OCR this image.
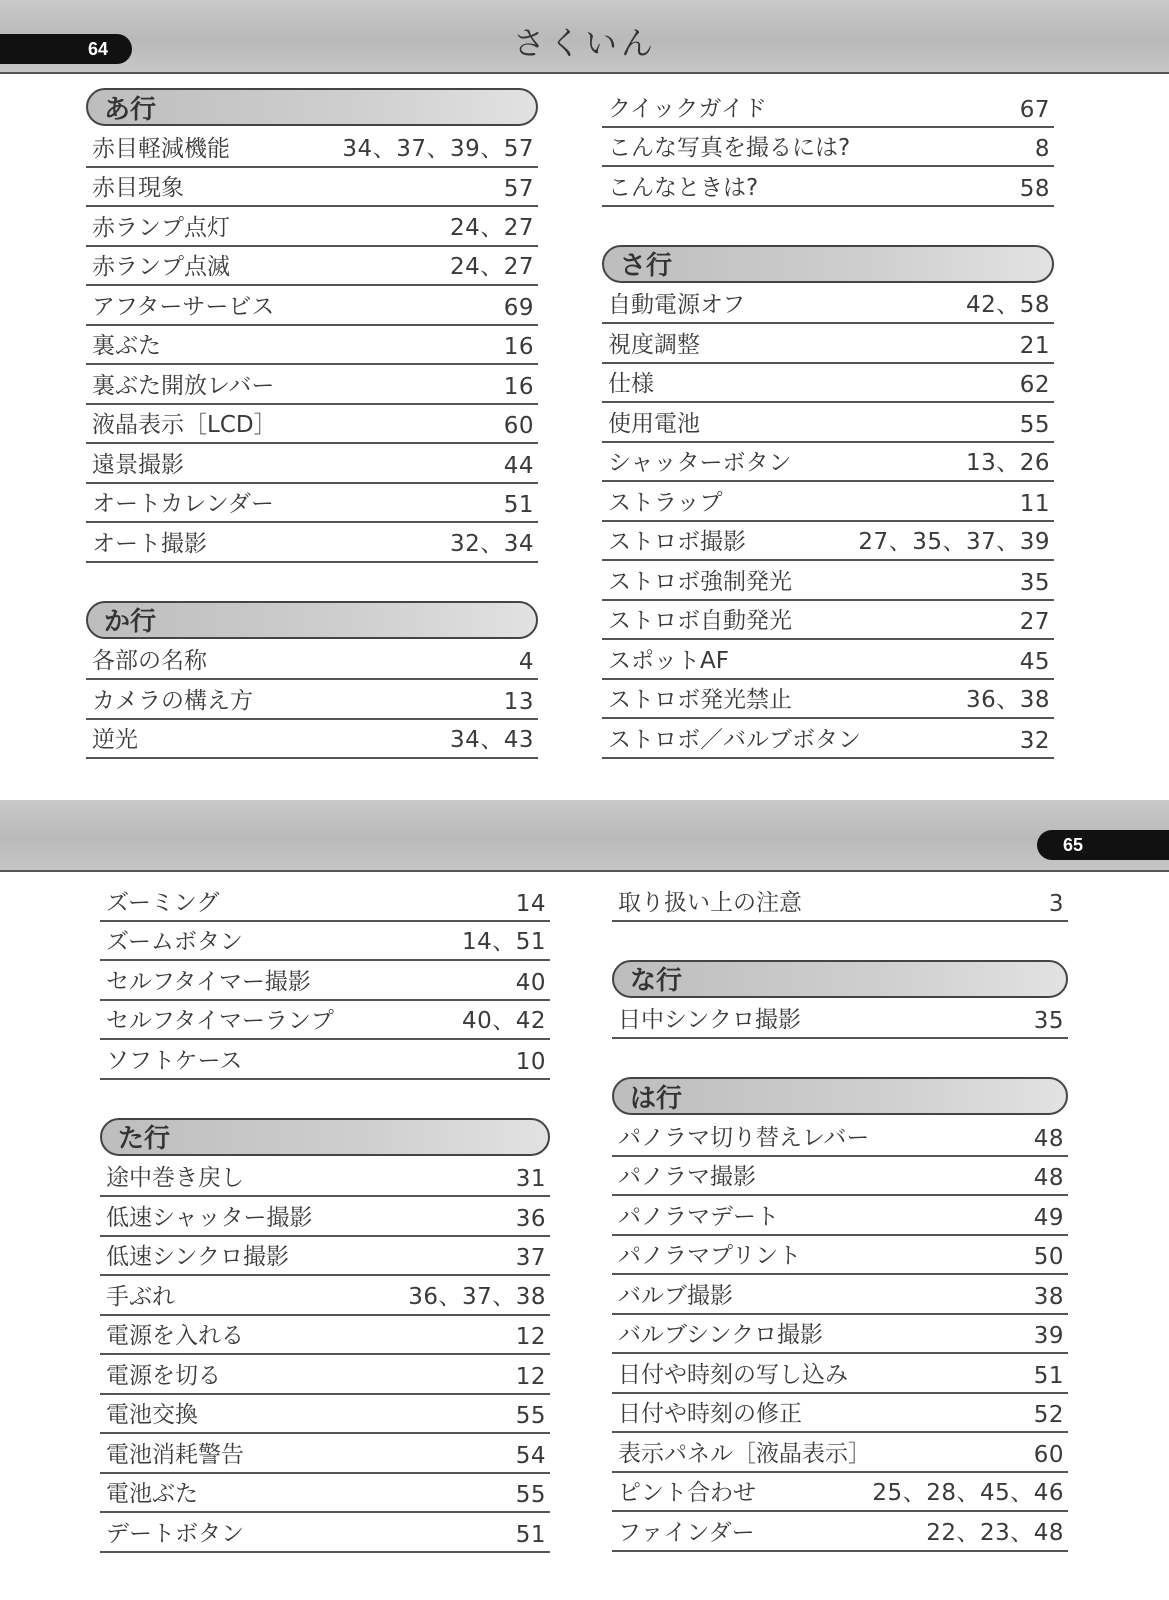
64	さくいん
あ行
赤目軽減機能	34、37、39、57
赤目現象	57
赤ランプ点灯	24、27
赤ランプ点滅	24、27
アフターサービス	69
裏ぶた	16
裏ぶた開放レバー	16
液晶表示［LCD］	60
遠景撮影	44
オートカレンダー	51
オート撮影	32、34
か行
各部の名称	4
カメラの構え方	13
逆光	34、43
クイックガイド	67
こんな写真を撮るには?	8
こんなときは?	58
さ行
自動電源オフ	42、58
視度調整	21
仕様	62
使用電池	55
シャッターボタン	13、26
ストラップ	11
ストロボ撮影	27、35、37、39
ストロボ強制発光	35
ストロボ自動発光	27
スポットAF	45
ストロボ発光禁止	36、38
ストロボ／バルブボタン	32
65
ズーミング	14
ズームボタン	14、51
セルフタイマー撮影	40
セルフタイマーランプ	40、42
ソフトケース	10
た行
途中巻き戻し	31
低速シャッター撮影	36
低速シンクロ撮影	37
手ぶれ	36、37、38
電源を入れる	12
電源を切る	12
電池交換	55
電池消耗警告	54
電池ぶた	55
デートボタン	51
取り扱い上の注意	3
な行
日中シンクロ撮影	35
は行
パノラマ切り替えレバー	48
パノラマ撮影	48
パノラマデート	49
パノラマプリント	50
バルブ撮影	38
バルブシンクロ撮影	39
日付や時刻の写し込み	51
日付や時刻の修正	52
表示パネル［液晶表示］	60
ピント合わせ	25、28、45、46
ファインダー	22、23、48
